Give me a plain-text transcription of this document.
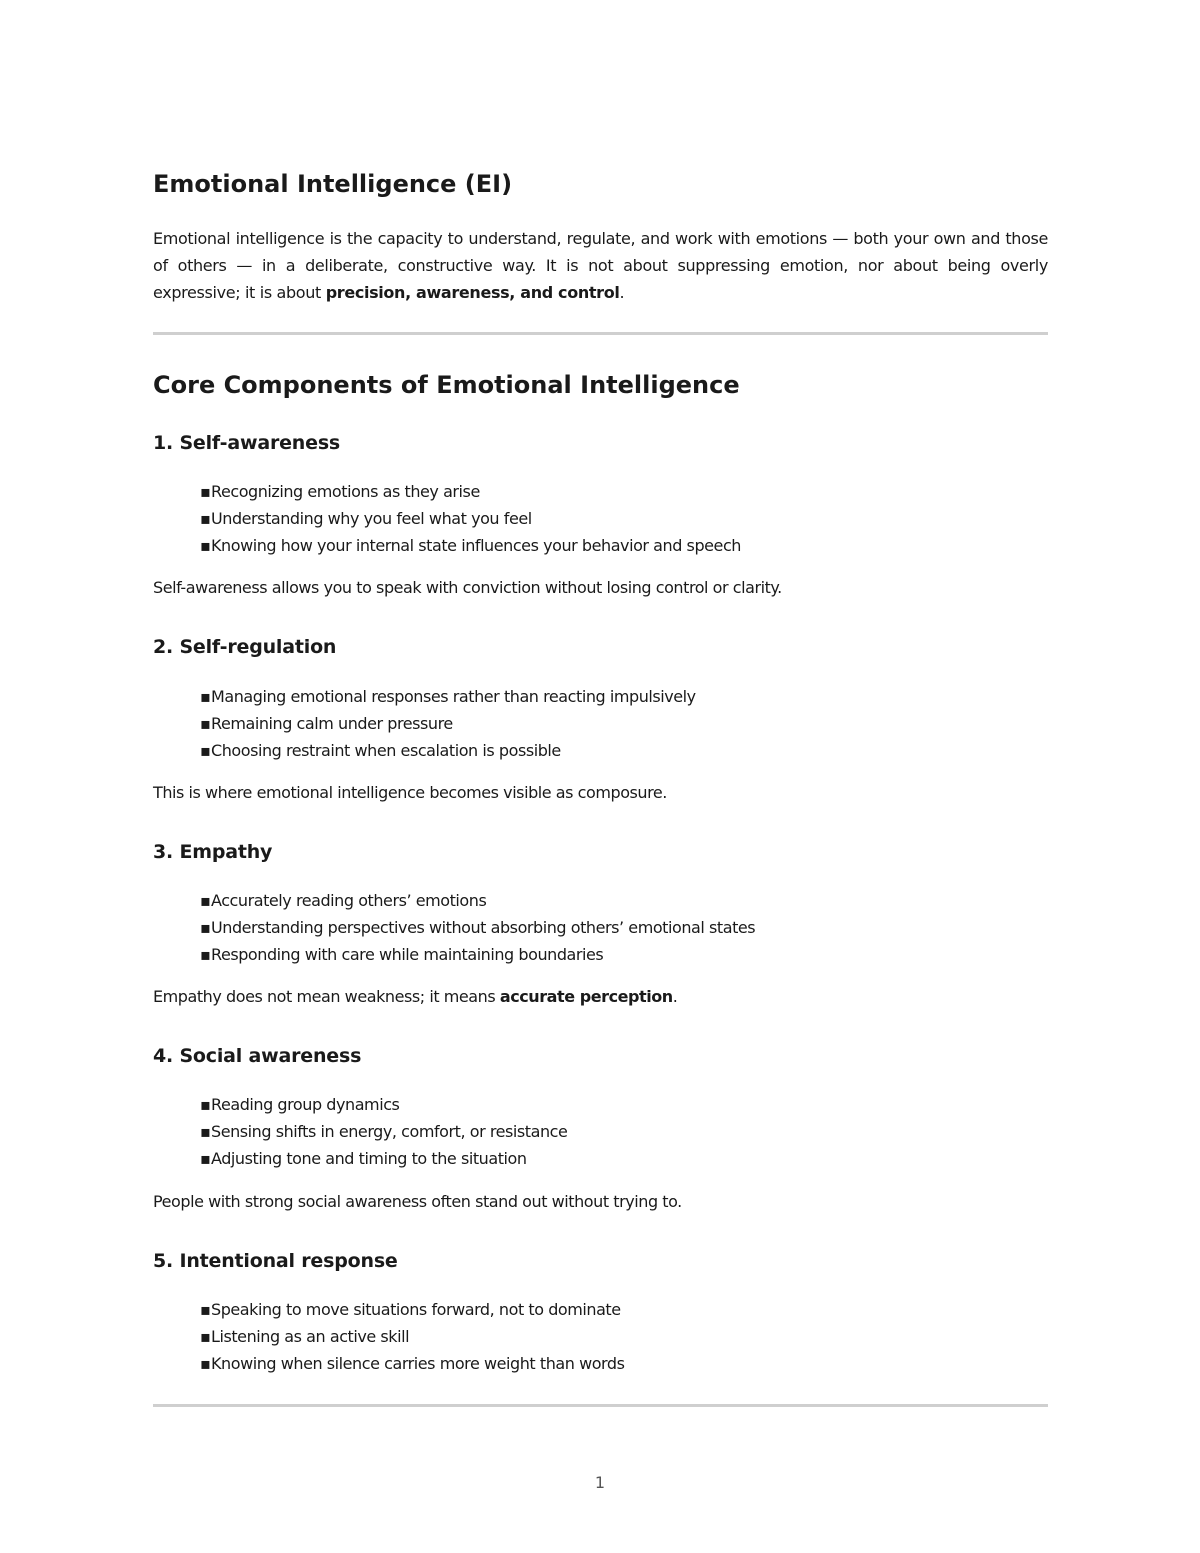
Emotional Intelligence (EI)

Emotional intelligence is the capacity to understand, regulate, and work with emotions — both your own and those of others — in a deliberate, constructive way. It is not about suppressing emotion, nor about being overly expressive; it is about precision, awareness, and control.

Core Components of Emotional Intelligence
1. Self-awareness
▪Recognizing emotions as they arise
▪Understanding why you feel what you feel
▪Knowing how your internal state influences your behavior and speech

Self-awareness allows you to speak with conviction without losing control or clarity.

2. Self-regulation
▪Managing emotional responses rather than reacting impulsively
▪Remaining calm under pressure
▪Choosing restraint when escalation is possible

This is where emotional intelligence becomes visible as composure.

3. Empathy
▪Accurately reading others’ emotions
▪Understanding perspectives without absorbing others’ emotional states
▪Responding with care while maintaining boundaries

Empathy does not mean weakness; it means accurate perception.

4. Social awareness
▪Reading group dynamics
▪Sensing shifts in energy, comfort, or resistance
▪Adjusting tone and timing to the situation

People with strong social awareness often stand out without trying to.

5. Intentional response
▪Speaking to move situations forward, not to dominate
▪Listening as an active skill
▪Knowing when silence carries more weight than words
1
